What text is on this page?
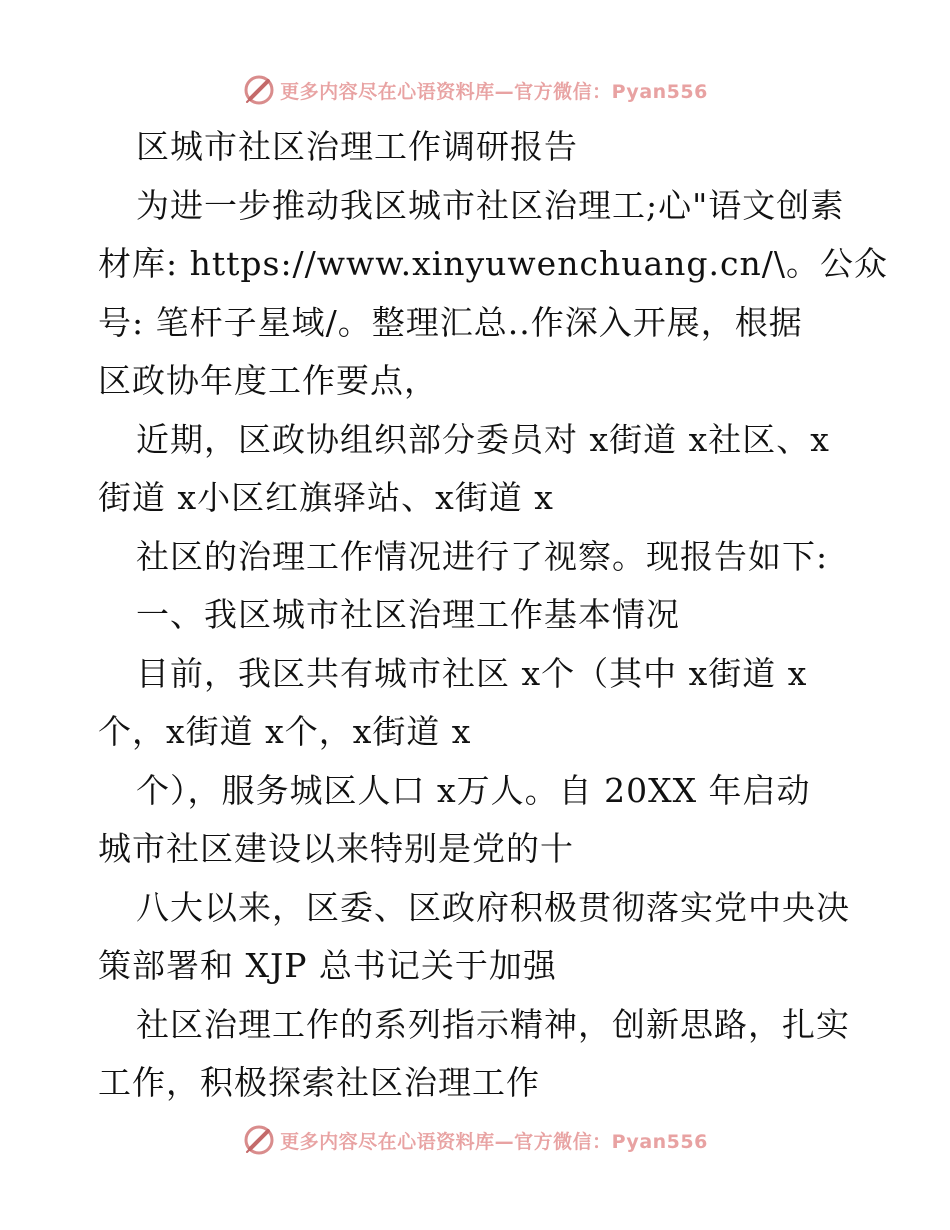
更多内容尽在心语资料库—官方微信：Pyan556
区城市社区治理工作调研报告
为进一步推动我区城市社区治理工;心"语文创素
材库: https://www.xinyuwenchuang.cn/\。公众
号: 笔杆子星域/。整理汇总..作深入开展，根据
区政协年度工作要点，
近期，区政协组织部分委员对 x街道 x社区、x
街道 x小区红旗驿站、x街道 x
社区的治理工作情况进行了视察。现报告如下:
一、我区城市社区治理工作基本情况
目前，我区共有城市社区 x个（其中 x街道 x
个，x街道 x个，x街道 x
个），服务城区人口 x万人。自 20XX 年启动
城市社区建设以来特别是党的十
八大以来，区委、区政府积极贯彻落实党中央决
策部署和 XJP 总书记关于加强
社区治理工作的系列指示精神，创新思路，扎实
工作，积极探索社区治理工作
更多内容尽在心语资料库—官方微信：Pyan556
